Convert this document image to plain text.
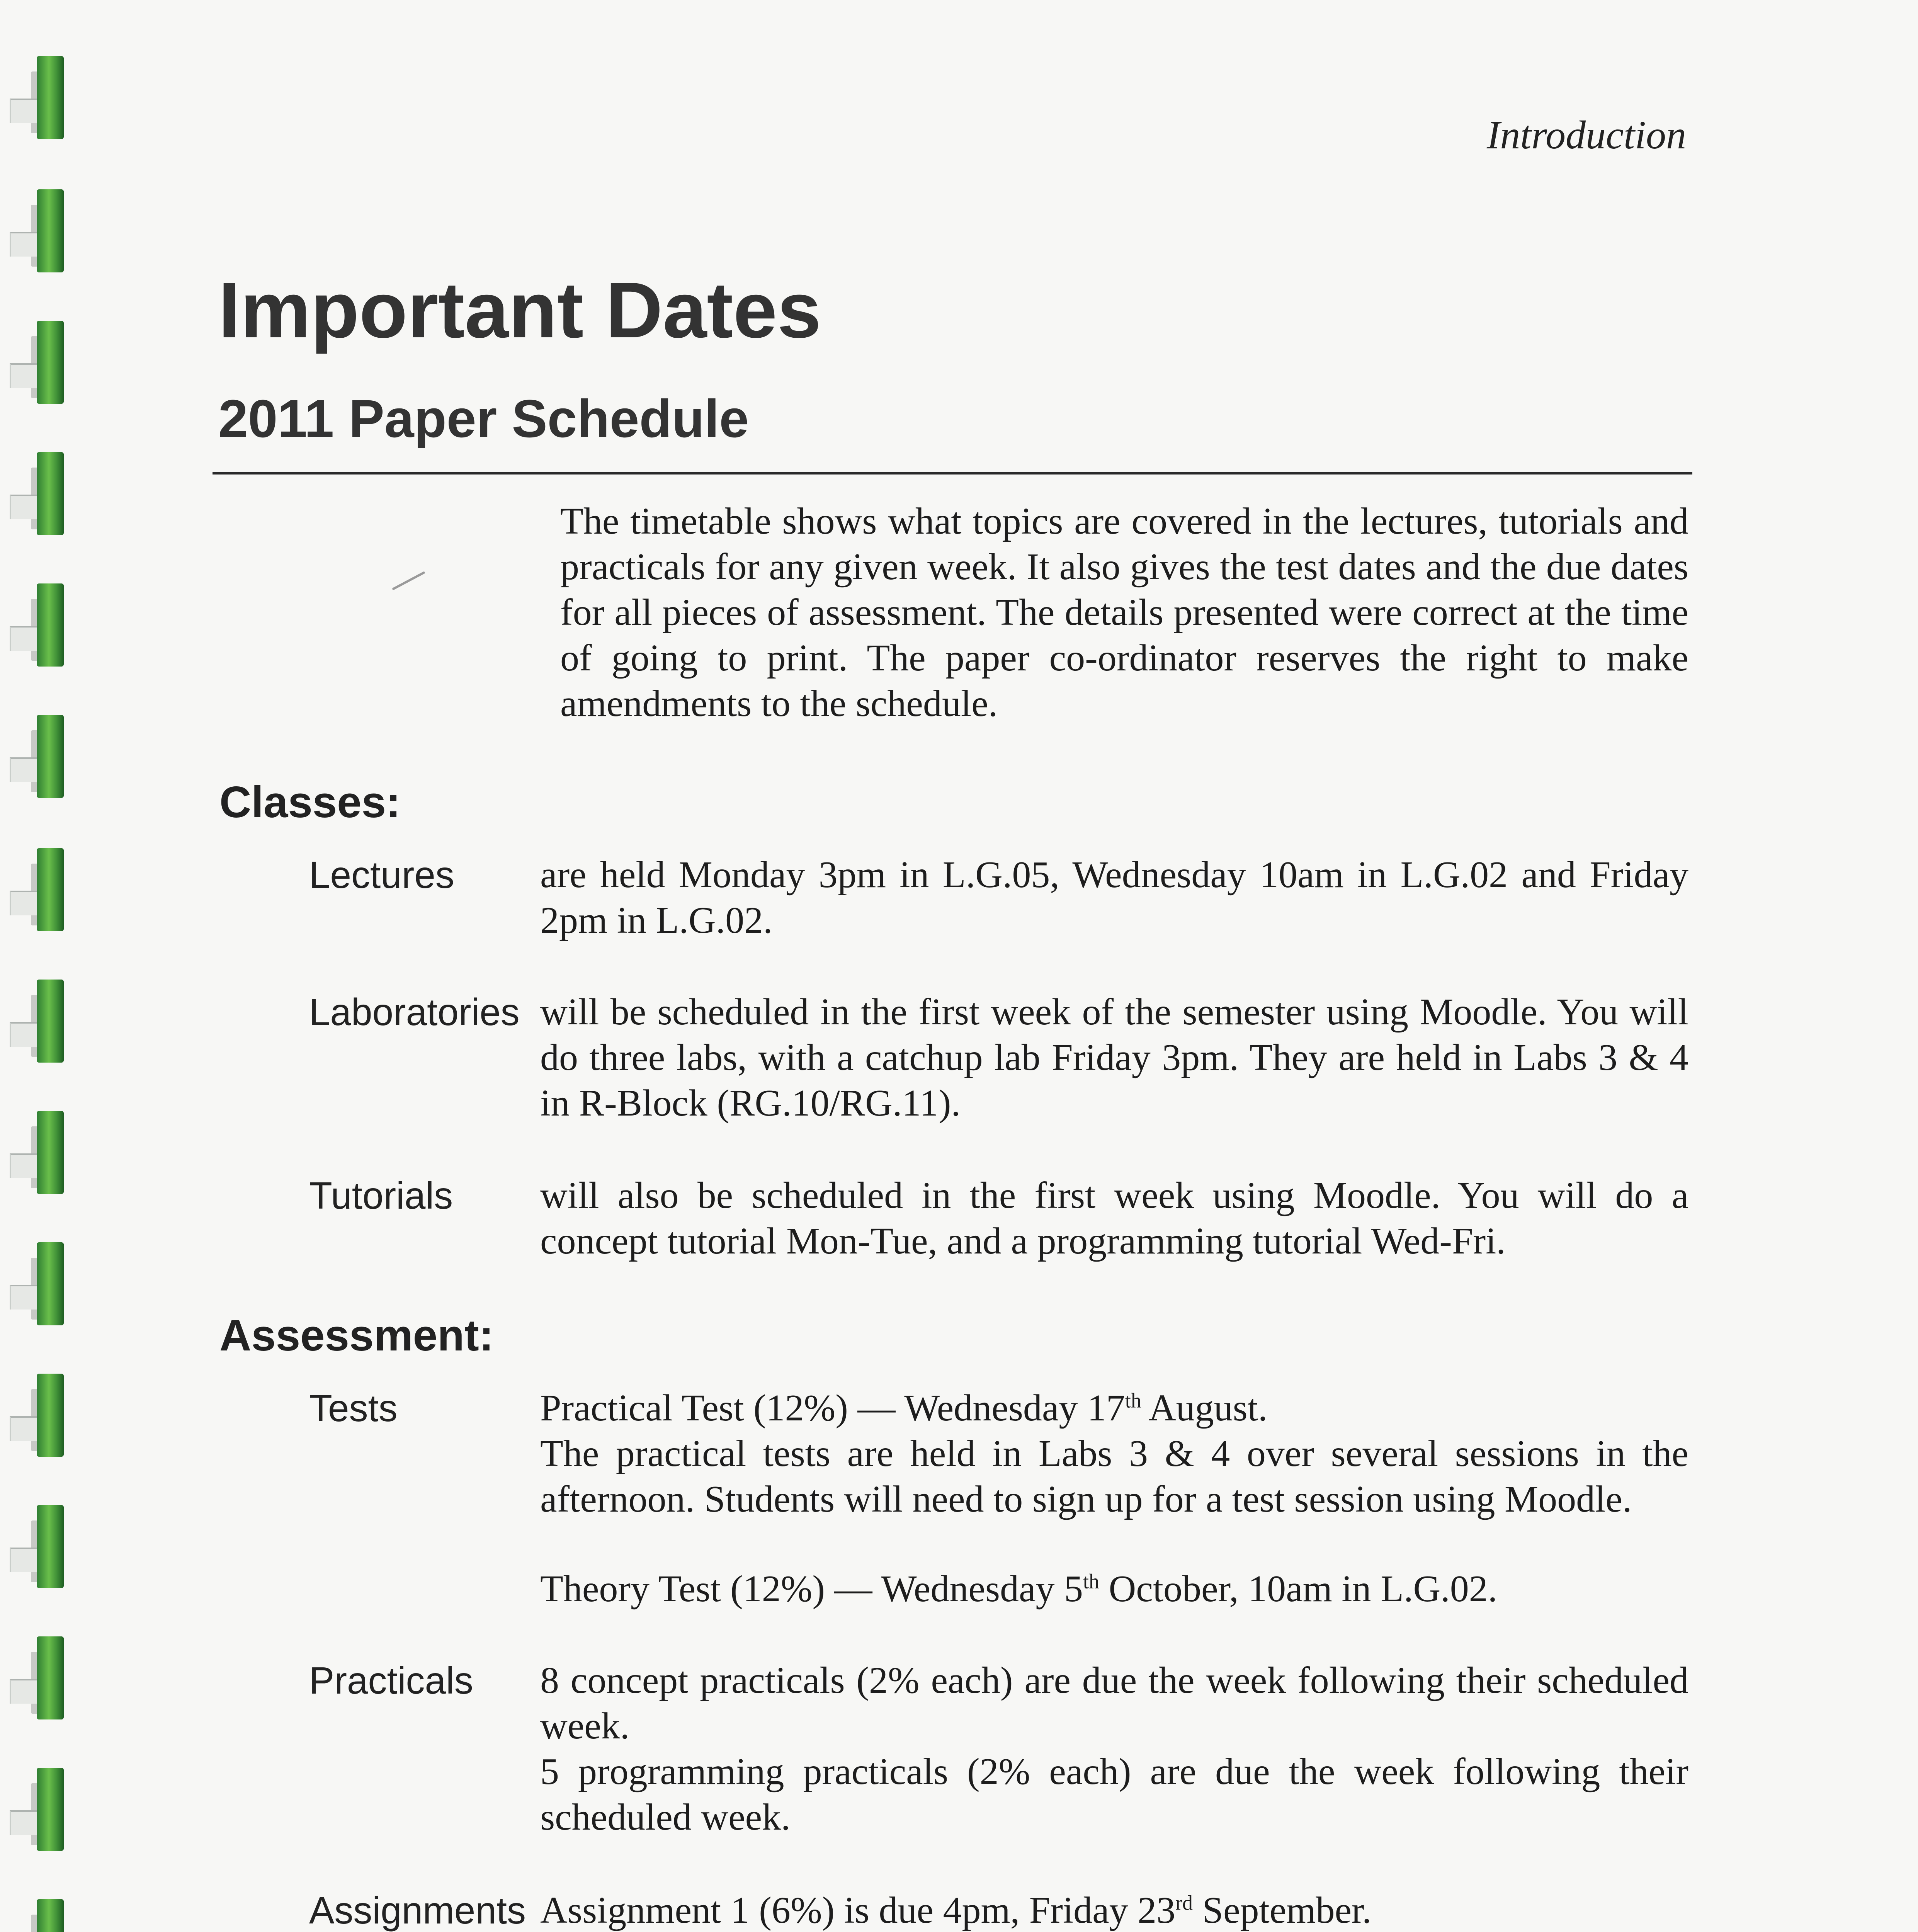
Introduction
Important Dates
2011 Paper Schedule

The timetable shows what topics are covered in the lectures, tutorials and practicals for any given week. It also gives the test dates and the due dates for all pieces of assessment. The details presented were correct at the time of going to print. The paper co-ordinator reserves the right to make amendments to the schedule.

Classes:
Lectures are held Monday 3pm in L.G.05, Wednesday 10am in L.G.02 and Friday 2pm in L.G.02.

Laboratories will be scheduled in the first week of the semester using Moodle. You will do three labs, with a catchup lab Friday 3pm. They are held in Labs 3 & 4 in R-Block (RG.10/RG.11).

Tutorials will also be scheduled in the first week using Moodle. You will do a concept tutorial Mon-Tue, and a programming tutorial Wed-Fri.

Assessment:
Tests	Practical Test (12%) — Wednesday 17th August.
The practical tests are held in Labs 3 & 4 over several sessions in the afternoon. Students will need to sign up for a test session using Moodle.
Theory Test (12%) — Wednesday 5th October, 10am in L.G.02.
Practicals 8 concept practicals (2% each) are due the week following their scheduled week.
5 programming practicals (2% each) are due the week following their scheduled week.
Assignments Assignment 1 (6%) is due 4pm, Friday 23rd September.
